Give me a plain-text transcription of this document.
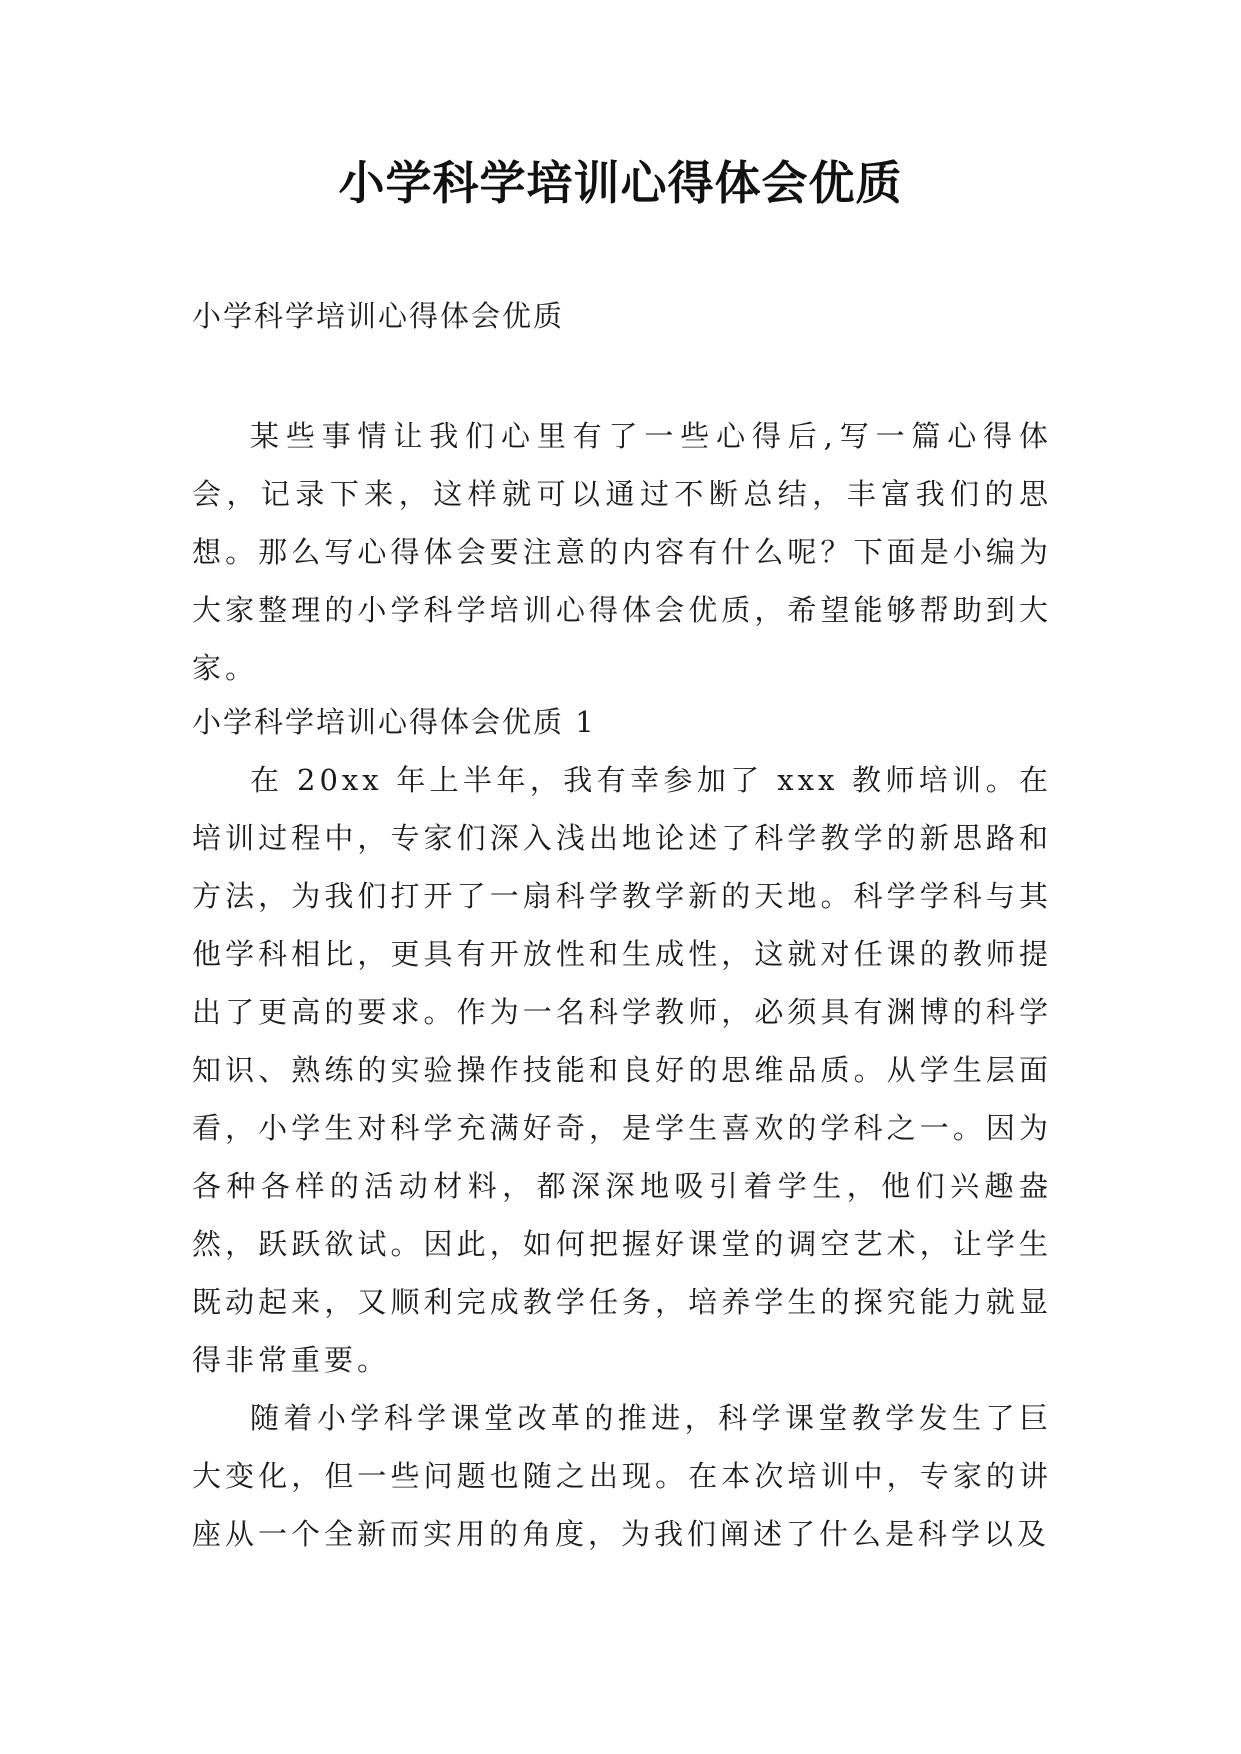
小学科学培训心得体会优质
小学科学培训心得体会优质

某些事情让我们心里有了一些心得后,写一篇心得体会，记录下来，这样就可以通过不断总结，丰富我们的思想。那么写心得体会要注意的内容有什么呢？下面是小编为大家整理的小学科学培训心得体会优质，希望能够帮助到大家。

小学科学培训心得体会优质 1

在 20xx 年上半年，我有幸参加了 xxx 教师培训。在培训过程中，专家们深入浅出地论述了科学教学的新思路和方法，为我们打开了一扇科学教学新的天地。科学学科与其他学科相比，更具有开放性和生成性，这就对任课的教师提出了更高的要求。作为一名科学教师，必须具有渊博的科学知识、熟练的实验操作技能和良好的思维品质。从学生层面看，小学生对科学充满好奇，是学生喜欢的学科之一。因为各种各样的活动材料，都深深地吸引着学生，他们兴趣盎然，跃跃欲试。因此，如何把握好课堂的调空艺术，让学生既动起来，又顺利完成教学任务，培养学生的探究能力就显得非常重要。

随着小学科学课堂改革的推进，科学课堂教学发生了巨大变化，但一些问题也随之出现。在本次培训中，专家的讲座从一个全新而实用的角度，为我们阐述了什么是科学以及
